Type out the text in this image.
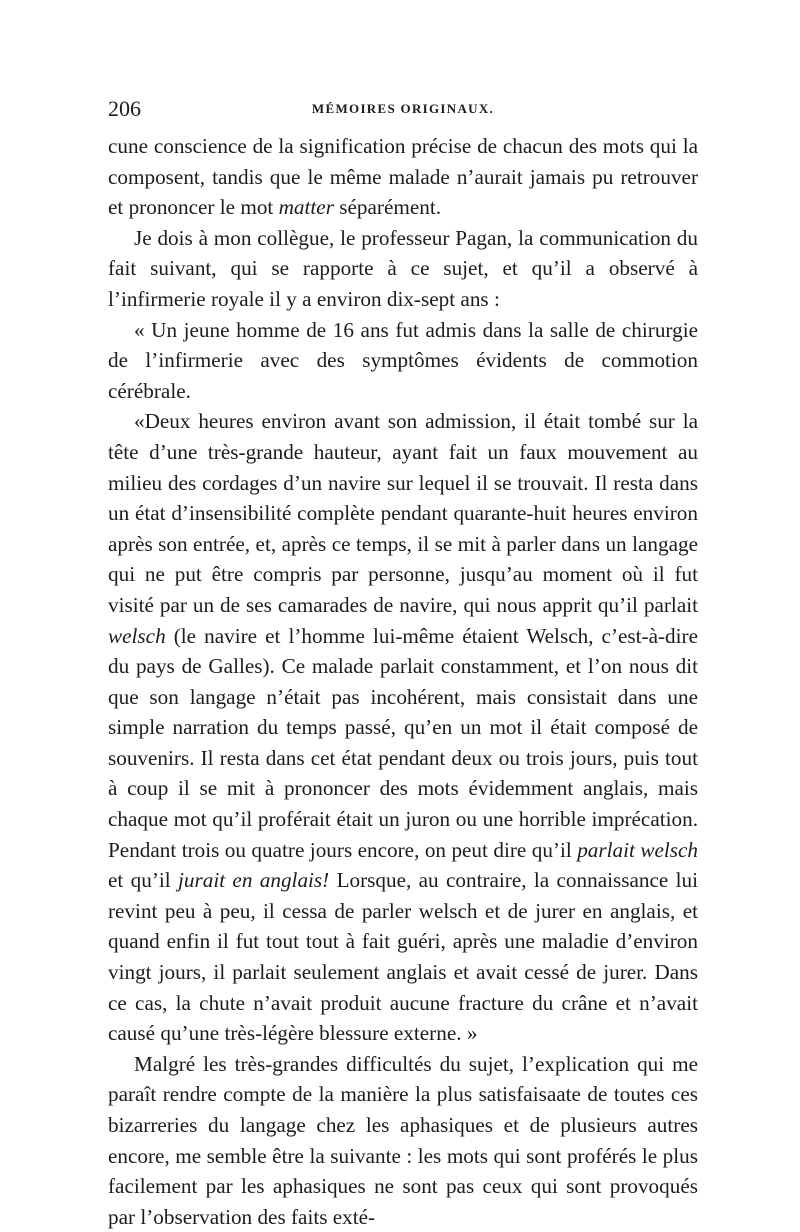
206	MÉMOIRES ORIGINAUX.

cune conscience de la signification précise de chacun des mots qui la composent, tandis que le même malade n’aurait jamais pu retrouver et prononcer le mot matter séparément.

Je dois à mon collègue, le professeur Pagan, la communication du fait suivant, qui se rapporte à ce sujet, et qu’il a observé à l’infirmerie royale il y a environ dix-sept ans :

« Un jeune homme de 16 ans fut admis dans la salle de chirurgie de l’infirmerie avec des symptômes évidents de commotion cérébrale.

«Deux heures environ avant son admission, il était tombé sur la tête d’une très-grande hauteur, ayant fait un faux mouvement au milieu des cordages d’un navire sur lequel il se trouvait. Il resta dans un état d’insensibilité complète pendant quarante-huit heures environ après son entrée, et, après ce temps, il se mit à parler dans un langage qui ne put être compris par personne, jusqu’au moment où il fut visité par un de ses camarades de navire, qui nous apprit qu’il parlait welsch (le navire et l’homme lui-même étaient Welsch, c’est-à-dire du pays de Galles). Ce malade parlait constamment, et l’on nous dit que son langage n’était pas incohérent, mais consistait dans une simple narration du temps passé, qu’en un mot il était composé de souvenirs. Il resta dans cet état pendant deux ou trois jours, puis tout à coup il se mit à prononcer des mots évidemment anglais, mais chaque mot qu’il proférait était un juron ou une horrible imprécation. Pendant trois ou quatre jours encore, on peut dire qu’il parlait welsch et qu’il jurait en anglais! Lorsque, au contraire, la connaissance lui revint peu à peu, il cessa de parler welsch et de jurer en anglais, et quand enfin il fut tout tout à fait guéri, après une maladie d’environ vingt jours, il parlait seulement anglais et avait cessé de jurer. Dans ce cas, la chute n’avait produit aucune fracture du crâne et n’avait causé qu’une très-légère blessure externe. »

Malgré les très-grandes difficultés du sujet, l’explication qui me paraît rendre compte de la manière la plus satisfaisaate de toutes ces bizarreries du langage chez les aphasiques et de plusieurs autres encore, me semble être la suivante : les mots qui sont proférés le plus facilement par les aphasiques ne sont pas ceux qui sont provoqués par l’observation des faits exté-
